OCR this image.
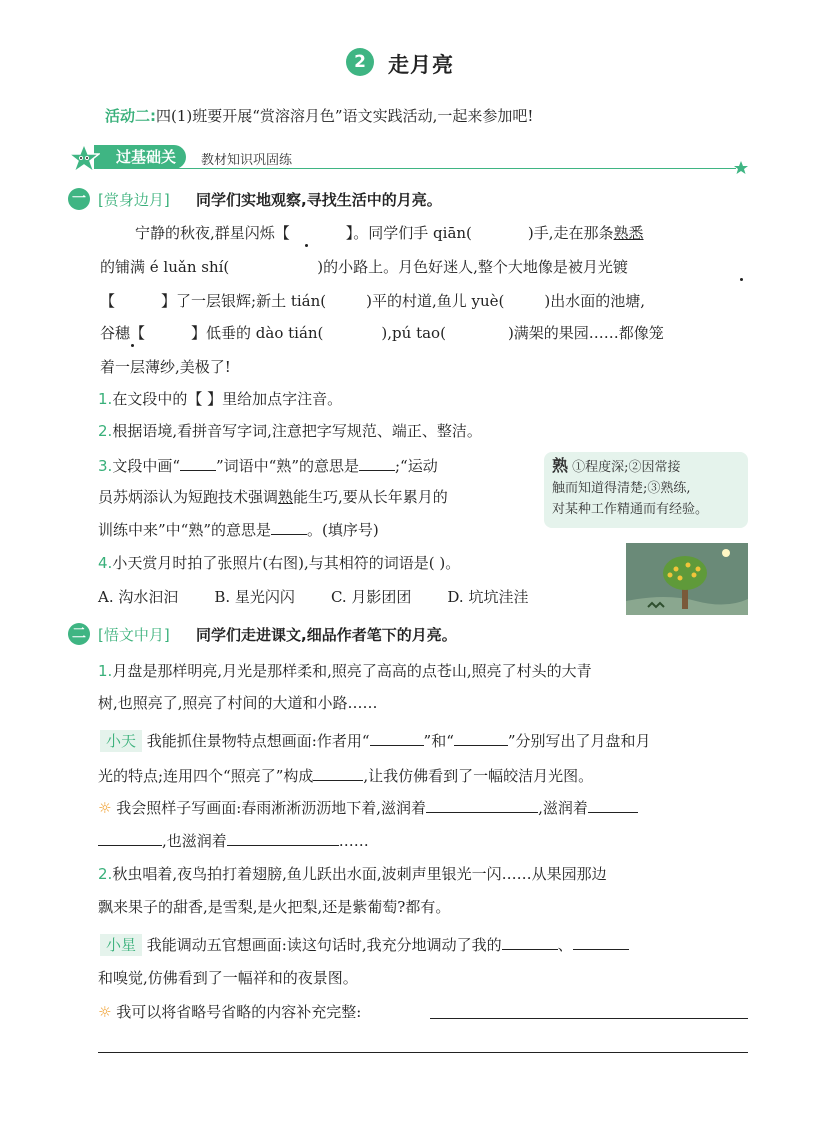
2	走月亮
活动二:四(1)班要开展“赏溶溶月色”语文实践活动,一起来参加吧!
过基础关	教材知识巩固练
一 [赏身边月] 同学们实地观察,寻找生活中的月亮。
宁静的秋夜,群星闪烁【	】。同学们手 qiān(	)手,走在那条熟悉
的铺满 é luǎn shí(	)的小路上。月色好迷人,整个大地像是被月光镀
【	】了一层银辉;新土 tián(	)平的村道,鱼儿 yuè(	)出水面的池塘,
谷穗【	】低垂的 dào tián(	),pú tao(	)满架的果园……都像笼
着一层薄纱,美极了!
1.在文段中的【 】里给加点字注音。
2.根据语境,看拼音写字词,注意把字写规范、端正、整洁。
3.文段中画“ ”词语中“熟”的意思是 ;“运动
员苏炳添认为短跑技术强调熟能生巧,要从长年累月的
训练中来”中“熟”的意思是 。(填序号)
熟 ①程度深;②因常接
触而知道得清楚;③熟练,
对某种工作精通而有经验。
4.小天赏月时拍了张照片(右图),与其相符的词语是( )。
A. 沟水汩汩 B. 星光闪闪 C. 月影团团 D. 坑坑洼洼
二 [悟文中月] 同学们走进课文,细品作者笔下的月亮。
1.月盘是那样明亮,月光是那样柔和,照亮了高高的点苍山,照亮了村头的大青
树,也照亮了,照亮了村间的大道和小路……
小天 我能抓住景物特点想画面:作者用“	”和“	”分别写出了月盘和月
光的特点;连用四个“照亮了”构成	,让我仿佛看到了一幅皎洁月光图。
☼ 我会照样子写画面:春雨淅淅沥沥地下着,滋润着	,滋润着
,也滋润着	……
2.秋虫唱着,夜鸟拍打着翅膀,鱼儿跃出水面,波刺声里银光一闪……从果园那边
飘来果子的甜香,是雪梨,是火把梨,还是紫葡萄?都有。
小星 我能调动五官想画面:读这句话时,我充分地调动了我的	、
和嗅觉,仿佛看到了一幅祥和的夜景图。
☼ 我可以将省略号省略的内容补充完整:
